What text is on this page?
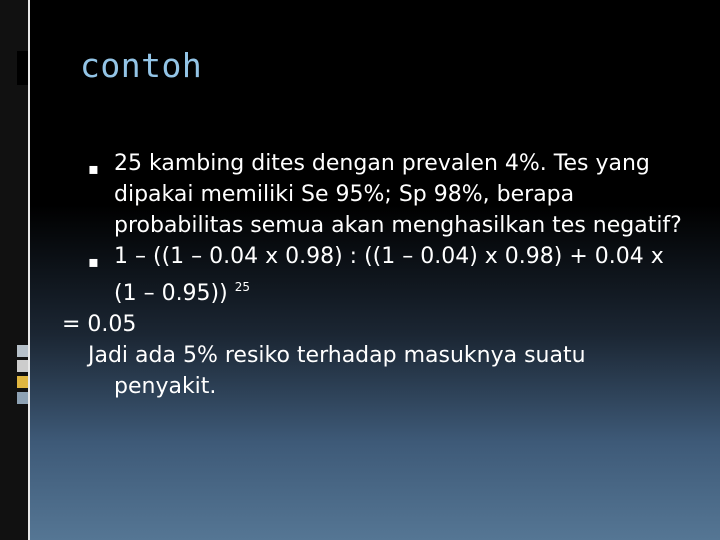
contoh
▪ 25 kambing dites dengan prevalen 4%. Tes yang dipakai memiliki Se 95%; Sp 98%, berapa probabilitas semua akan menghasilkan tes negatif?
▪ 1 – ((1 – 0.04 x 0.98) : ((1 – 0.04) x 0.98) + 0.04 x (1 – 0.95)) $^{25}$
= 0.05
Jadi ada 5% resiko terhadap masuknya suatu penyakit.
